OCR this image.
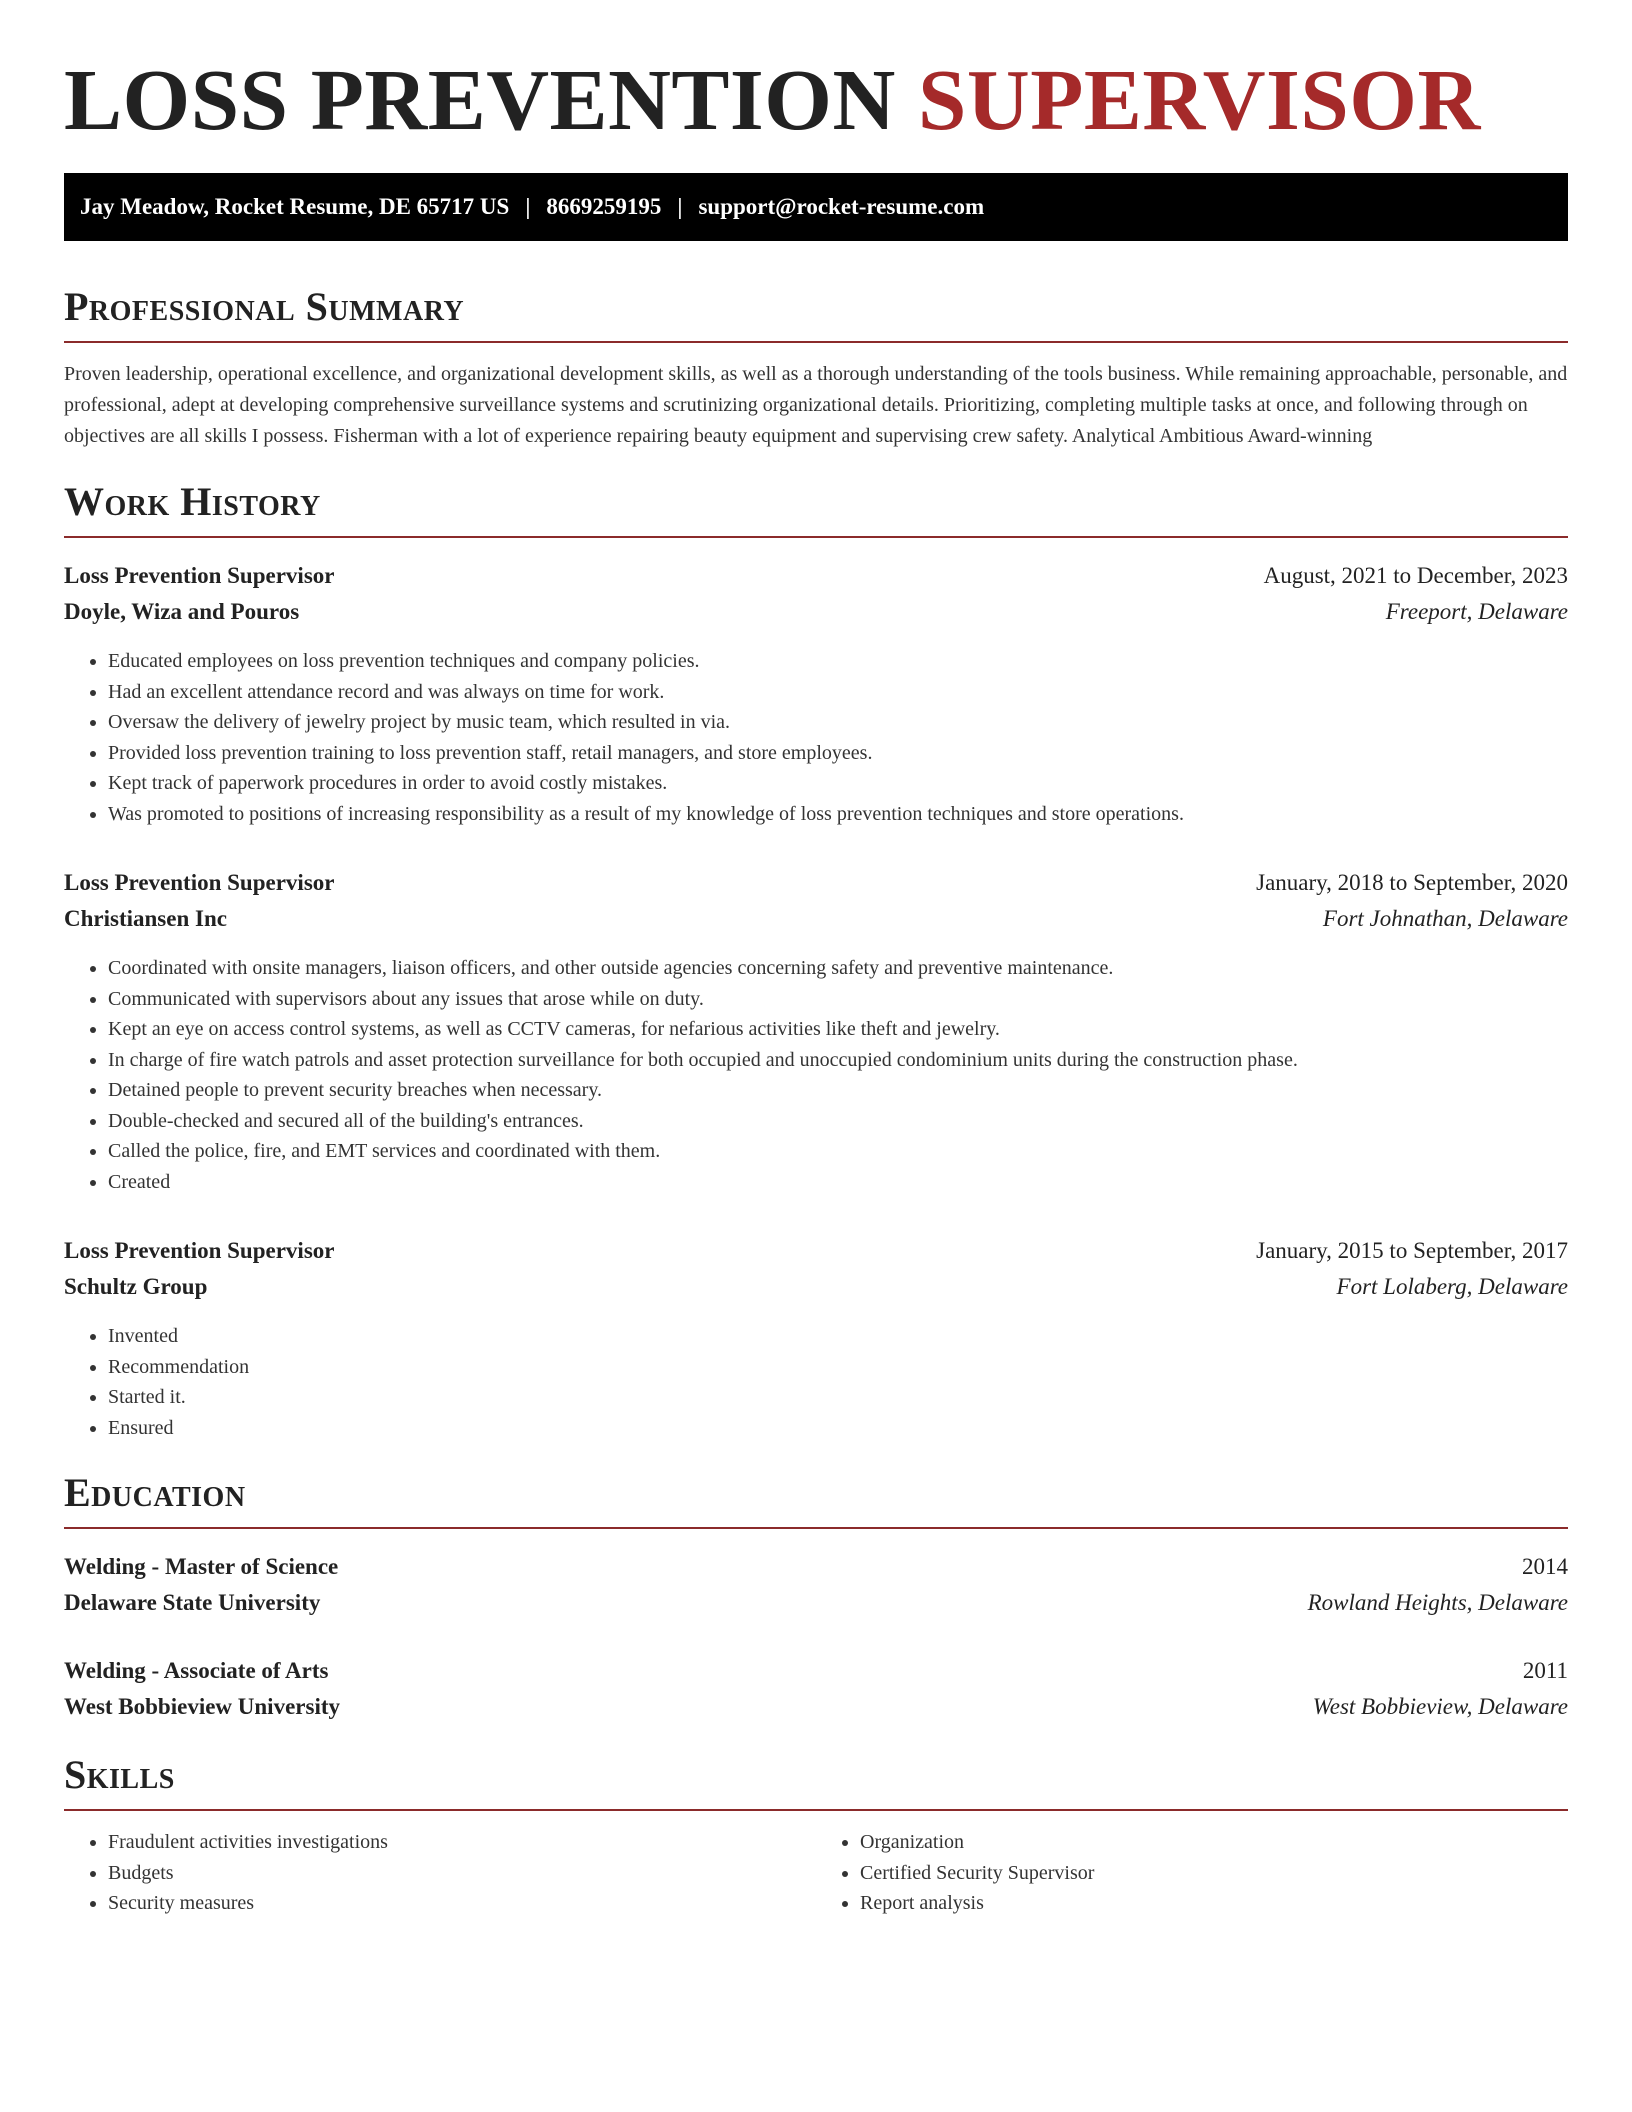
LOSS PREVENTION SUPERVISOR
Jay Meadow, Rocket Resume, DE 65717 US | 8669259195 | support@rocket-resume.com
Professional Summary

Proven leadership, operational excellence, and organizational development skills, as well as a thorough understanding of the tools business. While remaining approachable, personable, and professional, adept at developing comprehensive surveillance systems and scrutinizing organizational details. Prioritizing, completing multiple tasks at once, and following through on objectives are all skills I possess. Fisherman with a lot of experience repairing beauty equipment and supervising crew safety. Analytical Ambitious Award-winning

Work History
Loss Prevention Supervisor	August, 2021 to December, 2023
Doyle, Wiza and Pouros	Freeport, Delaware
• Educated employees on loss prevention techniques and company policies.
• Had an excellent attendance record and was always on time for work.
• Oversaw the delivery of jewelry project by music team, which resulted in via.
• Provided loss prevention training to loss prevention staff, retail managers, and store employees.
• Kept track of paperwork procedures in order to avoid costly mistakes.
• Was promoted to positions of increasing responsibility as a result of my knowledge of loss prevention techniques and store operations.
Loss Prevention Supervisor	January, 2018 to September, 2020
Christiansen Inc	Fort Johnathan, Delaware
• Coordinated with onsite managers, liaison officers, and other outside agencies concerning safety and preventive maintenance.
• Communicated with supervisors about any issues that arose while on duty.
• Kept an eye on access control systems, as well as CCTV cameras, for nefarious activities like theft and jewelry.
• In charge of fire watch patrols and asset protection surveillance for both occupied and unoccupied condominium units during the construction phase.
• Detained people to prevent security breaches when necessary.
• Double-checked and secured all of the building's entrances.
• Called the police, fire, and EMT services and coordinated with them.
• Created
Loss Prevention Supervisor	January, 2015 to September, 2017
Schultz Group	Fort Lolaberg, Delaware
• Invented
• Recommendation
• Started it.
• Ensured
Education
Welding - Master of Science	2014
Delaware State University	Rowland Heights, Delaware
Welding - Associate of Arts	2011
West Bobbieview University	West Bobbieview, Delaware
Skills
• Fraudulent activities investigations
• Budgets
• Security measures
• Organization
• Certified Security Supervisor
• Report analysis
